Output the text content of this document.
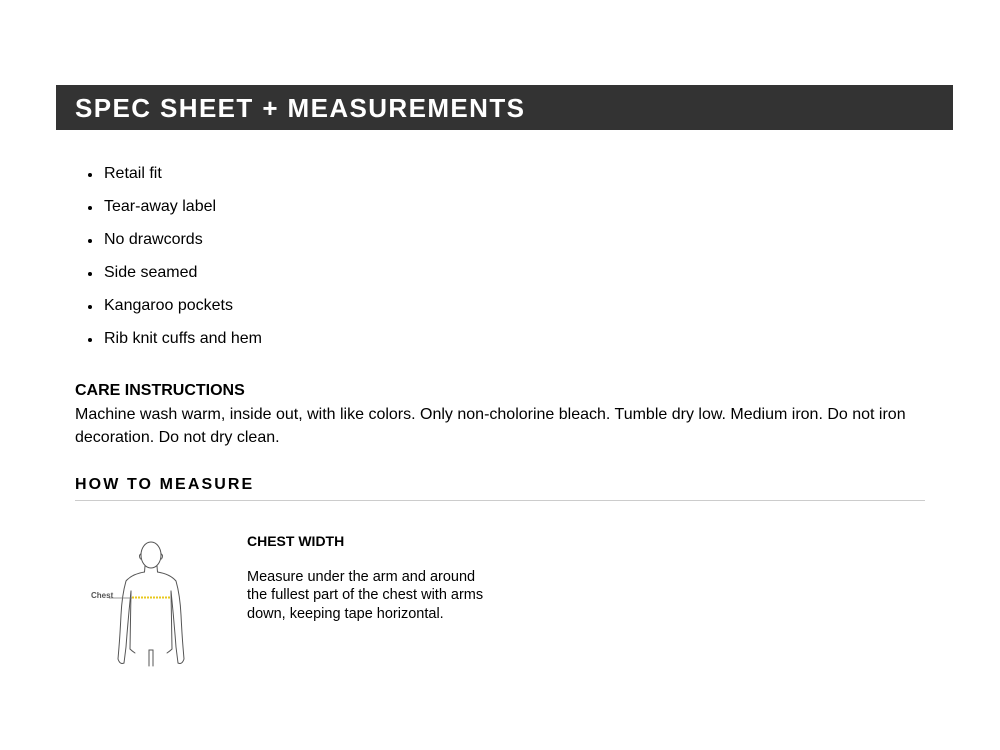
SPEC SHEET + MEASUREMENTS
Retail fit
Tear-away label
No drawcords
Side seamed
Kangaroo pockets
Rib knit cuffs and hem
CARE INSTRUCTIONS

Machine wash warm, inside out, with like colors. Only non-cholorine bleach. Tumble dry low. Medium iron. Do not iron decoration. Do not dry clean.

HOW TO MEASURE
Chest
CHEST WIDTH

Measure under the arm and around the fullest part of the chest with arms down, keeping tape horizontal.
